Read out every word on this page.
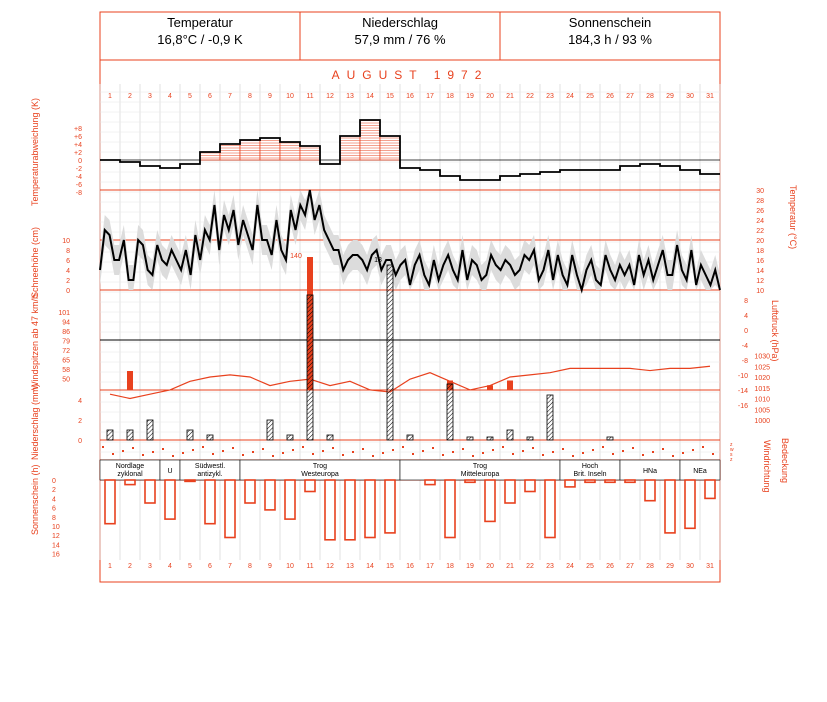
AUGUST 1972
1
1
2
2
3
3
4
4
5
5
6
6
7
7
8
8
9
9
10
10
11
11
12
12
13
13
14
14
15
15
16
16
17
17
18
18
19
19
20
20
21
21
22
22
23
23
24
24
25
25
26
26
27
27
28
28
29
29
30
30
31
31
+8
+6
+4
+2
0
-2
-4
-6
-8	30
28
26
24
22
20
18
16
14
12
10
10
8
6
4
2
0
101
94
86
79
72
65
58
50
140
18
1030
1025
1020
1015
1010
1005
1000
8
4
0
-4
-8
-10
-14
-16
4
2
0	z
w
s
z
Nordlage
zyklonal	U
Südwestl.
antizykl.
Trog
Westeuropa
Trog
Mitteleuropa
Hoch
Brit. Inseln	HNa	NEa
0
2
4
6
8
10
12
14
16
Temperatur
16,8°C / -0,9 K
Niederschlag
57,9 mm / 76 %
Sonnenschein
184,3 h / 93 %
Temperaturabweichung (K)
Schneehöhe (cm)
Windspitzen ab 47 km/h
Niederschlag (mm)
Sonnenschein (h)
Temperatur (°C)
Luftdruck (hPa)
Windrichtung Bedeckung
